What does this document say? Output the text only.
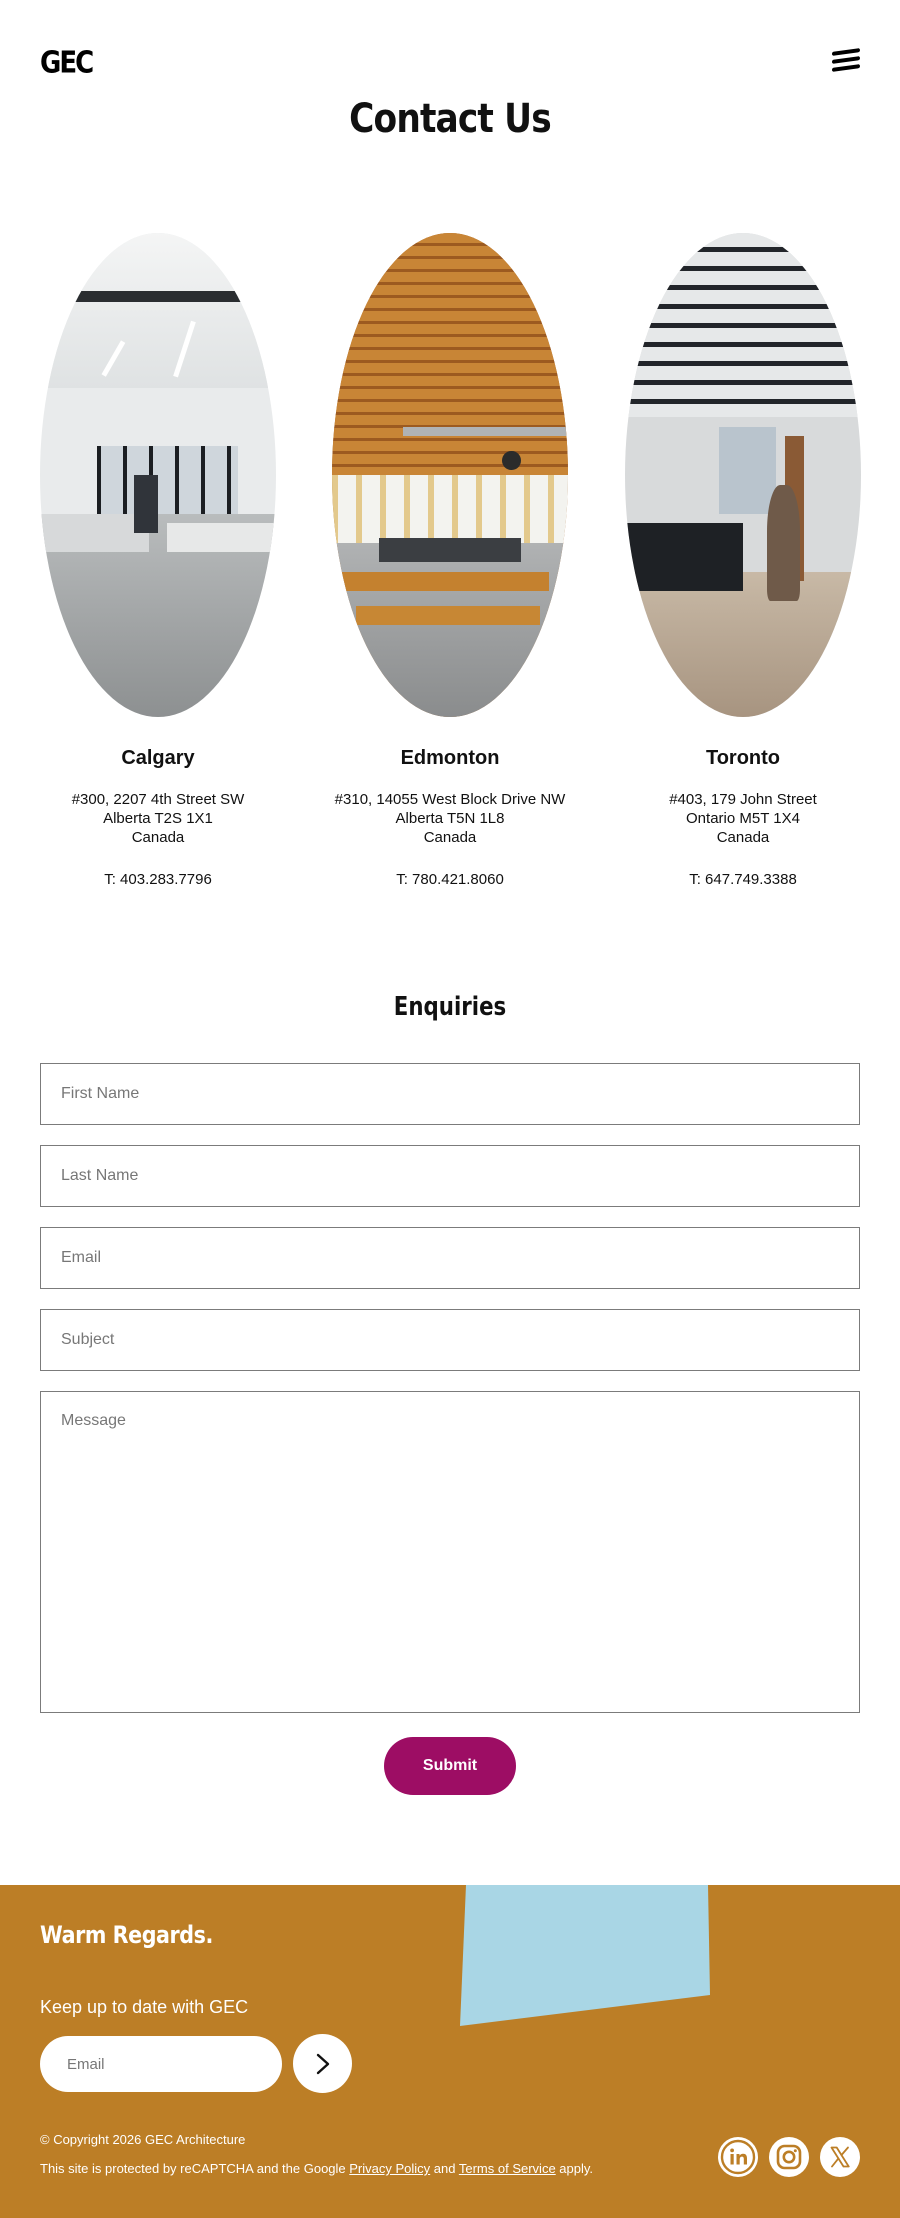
GEC
Contact Us
Calgary
#300, 2207 4th Street SW
Alberta T2S 1X1
Canada
T: 403.283.7796
Edmonton
#310, 14055 West Block Drive NW
Alberta T5N 1L8
Canada
T: 780.421.8060
Toronto
#403, 179 John Street
Ontario M5T 1X4
Canada
T: 647.749.3388
Enquiries
First Name
Last Name
Email
Subject
Message
Submit
Warm Regards.
Keep up to date with GEC
Email
© Copyright 2026 GEC Architecture
This site is protected by reCAPTCHA and the Google Privacy Policy and Terms of Service apply.
